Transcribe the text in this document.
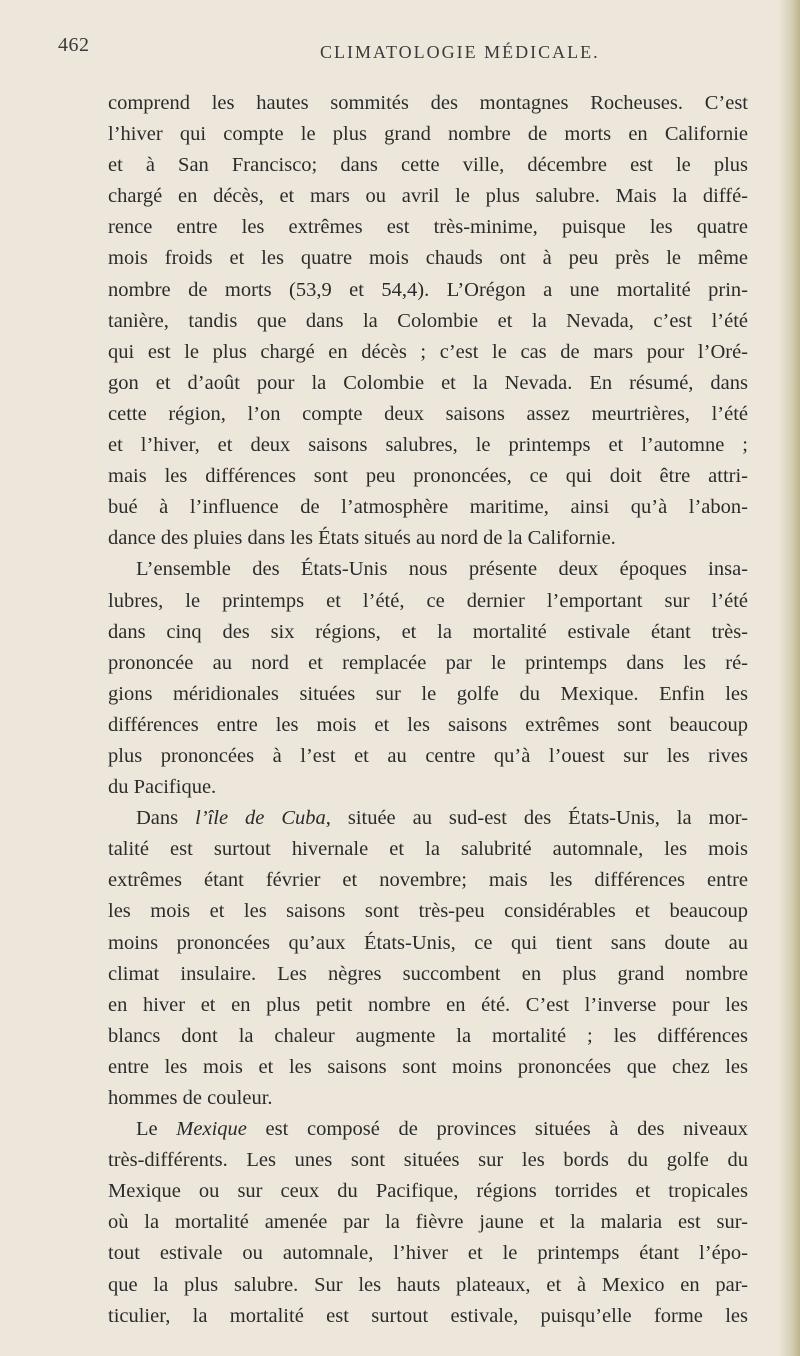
462	CLIMATOLOGIE MÉDICALE.
comprend les hautes sommités des montagnes Rocheuses. C’est
l’hiver qui compte le plus grand nombre de morts en Californie
et à San Francisco; dans cette ville, décembre est le plus
chargé en décès, et mars ou avril le plus salubre. Mais la diffé-
rence entre les extrêmes est très-minime, puisque les quatre
mois froids et les quatre mois chauds ont à peu près le même
nombre de morts (53,9 et 54,4). L’Orégon a une mortalité prin-
tanière, tandis que dans la Colombie et la Nevada, c’est l’été
qui est le plus chargé en décès ; c’est le cas de mars pour l’Oré-
gon et d’août pour la Colombie et la Nevada. En résumé, dans
cette région, l’on compte deux saisons assez meurtrières, l’été
et l’hiver, et deux saisons salubres, le printemps et l’automne ;
mais les différences sont peu prononcées, ce qui doit être attri-
bué à l’influence de l’atmosphère maritime, ainsi qu’à l’abon-
dance des pluies dans les États situés au nord de la Californie.
L’ensemble des États-Unis nous présente deux époques insa-
lubres, le printemps et l’été, ce dernier l’emportant sur l’été
dans cinq des six régions, et la mortalité estivale étant très-
prononcée au nord et remplacée par le printemps dans les ré-
gions méridionales situées sur le golfe du Mexique. Enfin les
différences entre les mois et les saisons extrêmes sont beaucoup
plus prononcées à l’est et au centre qu’à l’ouest sur les rives
du Pacifique.
Dans l’île de Cuba, située au sud-est des États-Unis, la mor-
talité est surtout hivernale et la salubrité automnale, les mois
extrêmes étant février et novembre; mais les différences entre
les mois et les saisons sont très-peu considérables et beaucoup
moins prononcées qu’aux États-Unis, ce qui tient sans doute au
climat insulaire. Les nègres succombent en plus grand nombre
en hiver et en plus petit nombre en été. C’est l’inverse pour les
blancs dont la chaleur augmente la mortalité ; les différences
entre les mois et les saisons sont moins prononcées que chez les
hommes de couleur.
Le Mexique est composé de provinces situées à des niveaux
très-différents. Les unes sont situées sur les bords du golfe du
Mexique ou sur ceux du Pacifique, régions torrides et tropicales
où la mortalité amenée par la fièvre jaune et la malaria est sur-
tout estivale ou automnale, l’hiver et le printemps étant l’épo-
que la plus salubre. Sur les hauts plateaux, et à Mexico en par-
ticulier, la mortalité est surtout estivale, puisqu’elle forme les
